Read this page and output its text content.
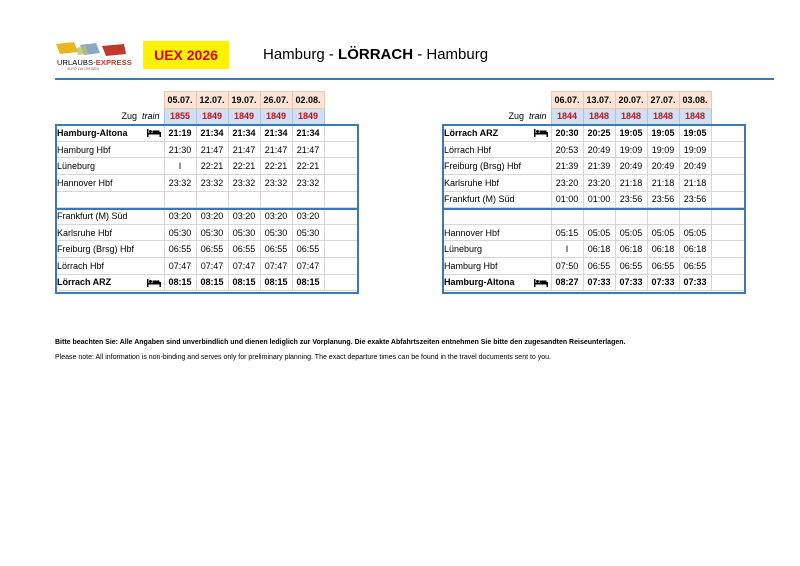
URLAUBS-EXPRESS
AUTO ZUG REISEN
UEX 2026	Hamburg - LÖRRACH - Hamburg
	05.07.	12.07.	19.07.	26.07.	02.08.	
Zug train	1855	1849	1849	1849	1849	
Hamburg-Altona	21:19	21:34	21:34	21:34	21:34	
Hamburg Hbf	21:30	21:47	21:47	21:47	21:47	
Lüneburg	I	22:21	22:21	22:21	22:21	
Hannover Hbf	23:32	23:32	23:32	23:32	23:32	

Frankfurt (M) Süd	03:20	03:20	03:20	03:20	03:20	
Karlsruhe Hbf	05:30	05:30	05:30	05:30	05:30	
Freiburg (Brsg) Hbf	06:55	06:55	06:55	06:55	06:55	
Lörrach Hbf	07:47	07:47	07:47	07:47	07:47	
Lörrach ARZ	08:15	08:15	08:15	08:15	08:15	
	06.07.	13.07.	20.07.	27.07.	03.08.	
Zug train	1844	1848	1848	1848	1848	
Lörrach ARZ	20:30	20:25	19:05	19:05	19:05	
Lörrach Hbf	20:53	20:49	19:09	19:09	19:09	
Freiburg (Brsg) Hbf	21:39	21:39	20:49	20:49	20:49	
Karlsruhe Hbf	23:20	23:20	21:18	21:18	21:18	
Frankfurt (M) Süd	01:00	01:00	23:56	23:56	23:56	

Hannover Hbf	05:15	05:05	05:05	05:05	05:05	
Lüneburg	I	06:18	06:18	06:18	06:18	
Hamburg Hbf	07:50	06:55	06:55	06:55	06:55	
Hamburg-Altona	08:27	07:33	07:33	07:33	07:33	
Bitte beachten Sie: Alle Angaben sind unverbindlich und dienen lediglich zur Vorplanung. Die exakte Abfahrtszeiten entnehmen Sie bitte den zugesandten Reiseunterlagen.
Please note: All information is non-binding and serves only for preliminary planning. The exact departure times can be found in the travel documents sent to you.
